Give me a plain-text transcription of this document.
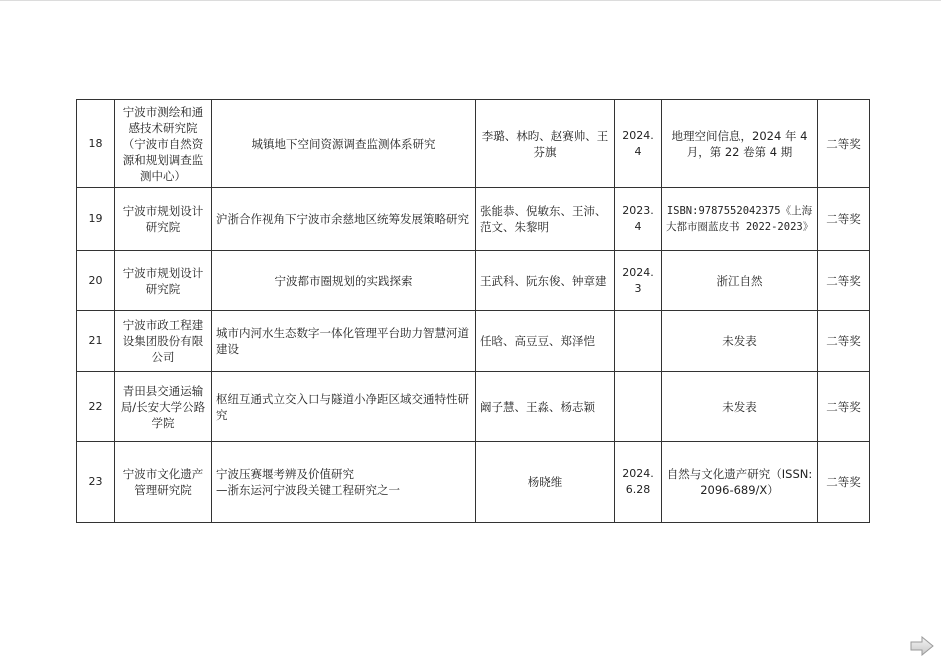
18	宁波市测绘和通感技术研究院（宁波市自然资源和规划调查监测中心）	城镇地下空间资源调查监测体系研究	李璐、林昀、赵赛帅、王芬旗	2024.4	地理空间信息，2024 年 4 月，第 22 卷第 4 期	二等奖
19	宁波市规划设计研究院	沪浙合作视角下宁波市余慈地区统筹发展策略研究	张能恭、倪敏东、王沛、范文、朱黎明	2023.4	ISBN:9787552042375《上海大都市圈蓝皮书 2022-2023》	二等奖
20	宁波市规划设计研究院	宁波都市圈规划的实践探索	王武科、阮东俊、钟章建	2024.3	浙江自然	二等奖
21	宁波市政工程建设集团股份有限公司	城市内河水生态数字一体化管理平台助力智慧河道建设	任晗、高豆豆、郑泽恺		未发表	二等奖
22	青田县交通运输局/长安大学公路学院	枢纽互通式立交入口与隧道小净距区域交通特性研究	阚子慧、王淼、杨志颖		未发表	二等奖
23	宁波市文化遗产管理研究院	宁波压赛堰考辨及价值研究
—浙东运河宁波段关键工程研究之一	杨晓维	2024.6.28	自然与文化遗产研究（ISSN: 2096-689/X）	二等奖
